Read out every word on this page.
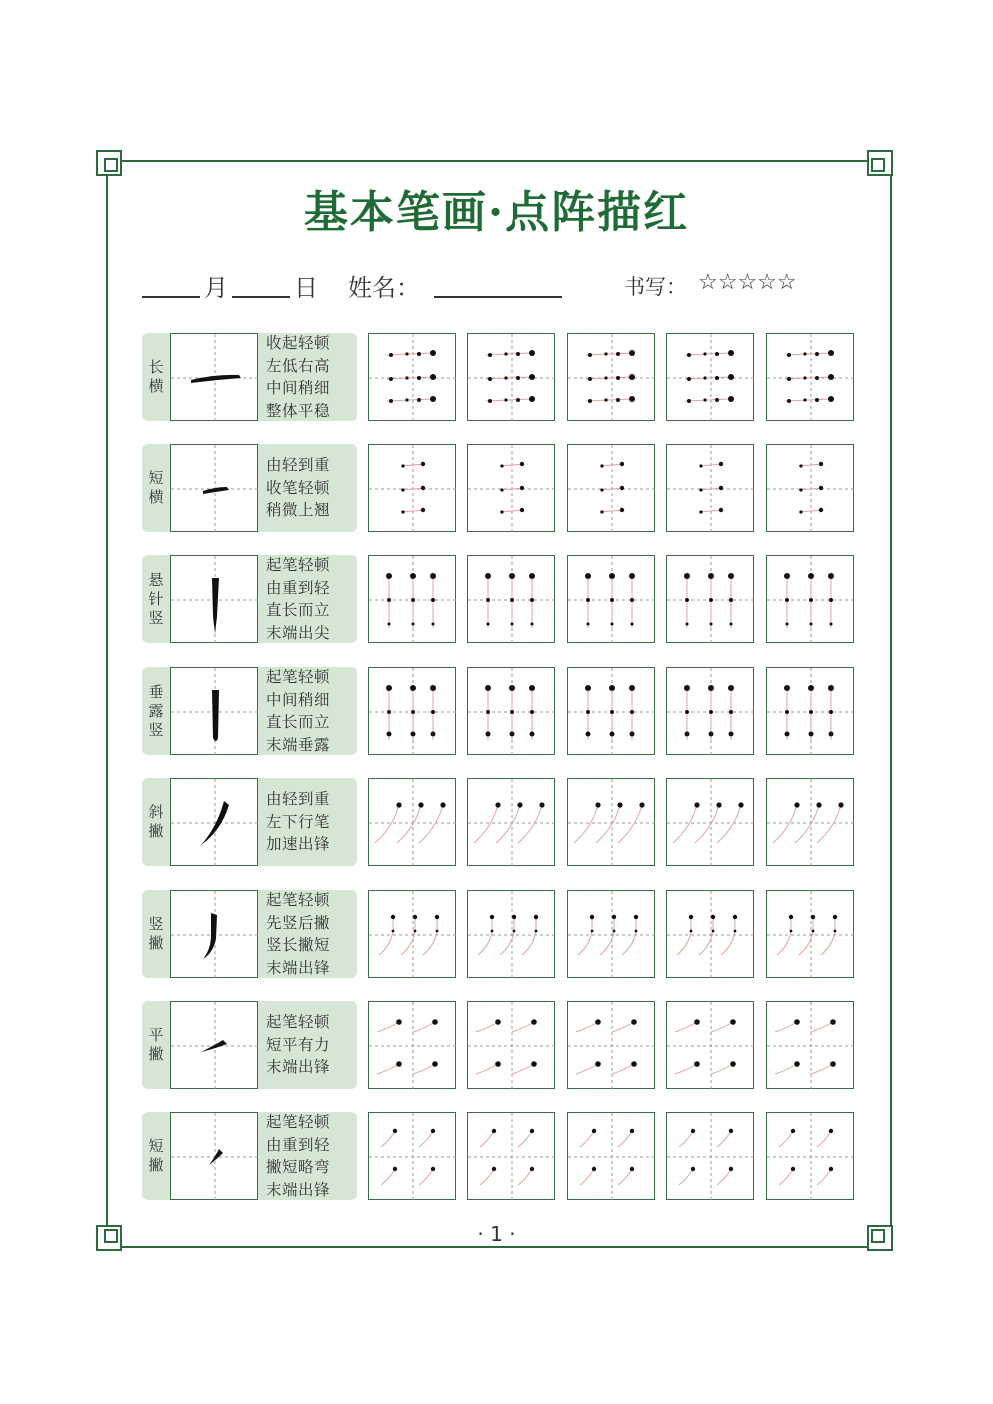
基本笔画·点阵描红
月	日 姓名：	书写： ☆☆☆☆☆
长
横
收起轻顿
左低右高
中间稍细
整体平稳
短
横
由轻到重
收笔轻顿
稍微上翘
悬
针
竖
起笔轻顿
由重到轻
直长而立
末端出尖
垂
露
竖
起笔轻顿
中间稍细
直长而立
末端垂露
斜
撇
由轻到重
左下行笔
加速出锋
竖
撇
起笔轻顿
先竖后撇
竖长撇短
末端出锋
平
撇
起笔轻顿
短平有力
末端出锋
短
撇
起笔轻顿
由重到轻
撇短略弯
末端出锋
· 1 ·
